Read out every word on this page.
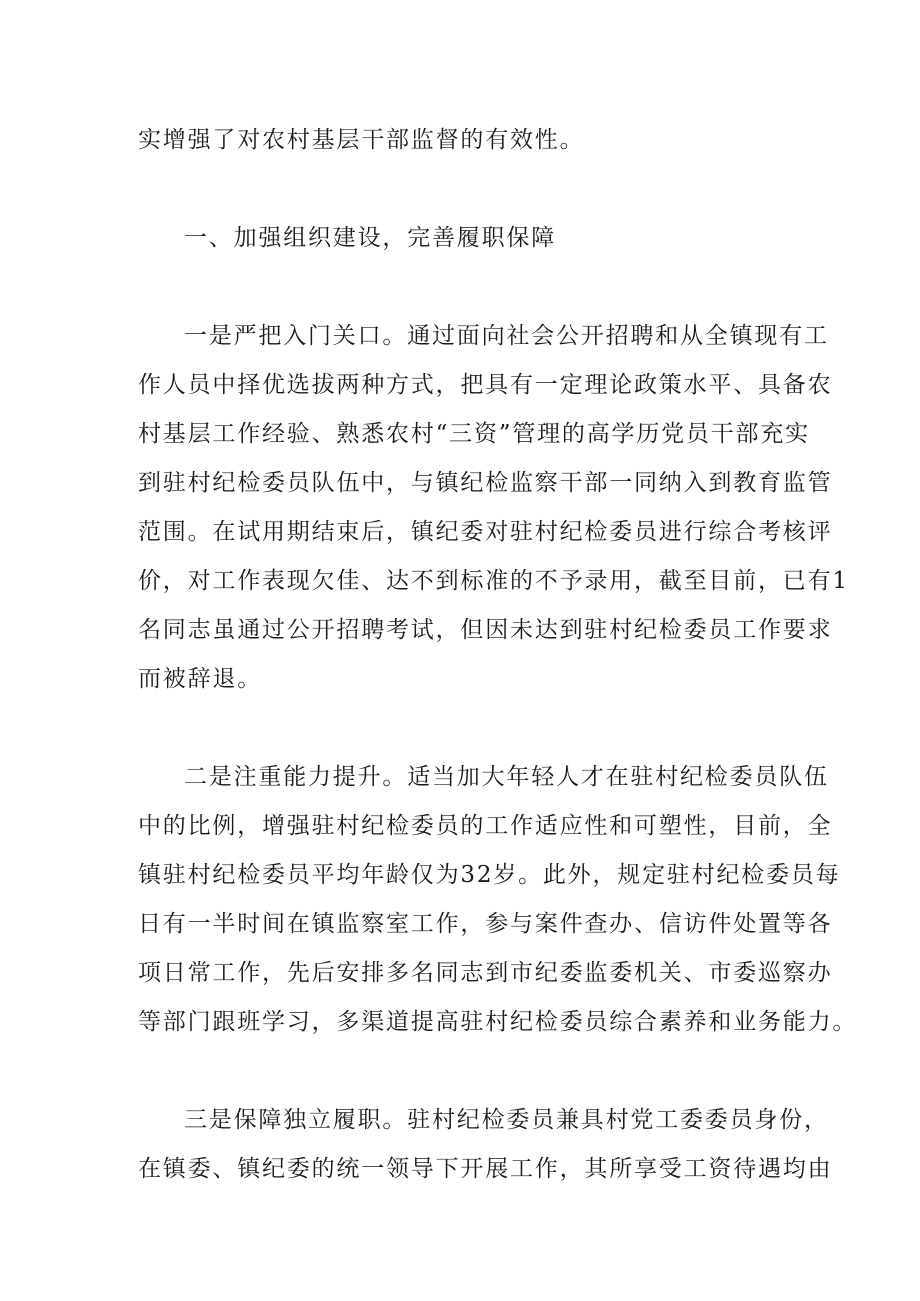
实增强了对农村基层干部监督的有效性。
一、加强组织建设，完善履职保障
一是严把入门关口。通过面向社会公开招聘和从全镇现有工
作人员中择优选拔两种方式，把具有一定理论政策水平、具备农
村基层工作经验、熟悉农村“三资”管理的高学历党员干部充实
到驻村纪检委员队伍中，与镇纪检监察干部一同纳入到教育监管
范围。在试用期结束后，镇纪委对驻村纪检委员进行综合考核评
价，对工作表现欠佳、达不到标准的不予录用，截至目前，已有1
名同志虽通过公开招聘考试，但因未达到驻村纪检委员工作要求
而被辞退。
二是注重能力提升。适当加大年轻人才在驻村纪检委员队伍
中的比例，增强驻村纪检委员的工作适应性和可塑性，目前，全
镇驻村纪检委员平均年龄仅为32岁。此外，规定驻村纪检委员每
日有一半时间在镇监察室工作，参与案件查办、信访件处置等各
项日常工作，先后安排多名同志到市纪委监委机关、市委巡察办
等部门跟班学习，多渠道提高驻村纪检委员综合素养和业务能力。
三是保障独立履职。驻村纪检委员兼具村党工委委员身份，
在镇委、镇纪委的统一领导下开展工作，其所享受工资待遇均由
